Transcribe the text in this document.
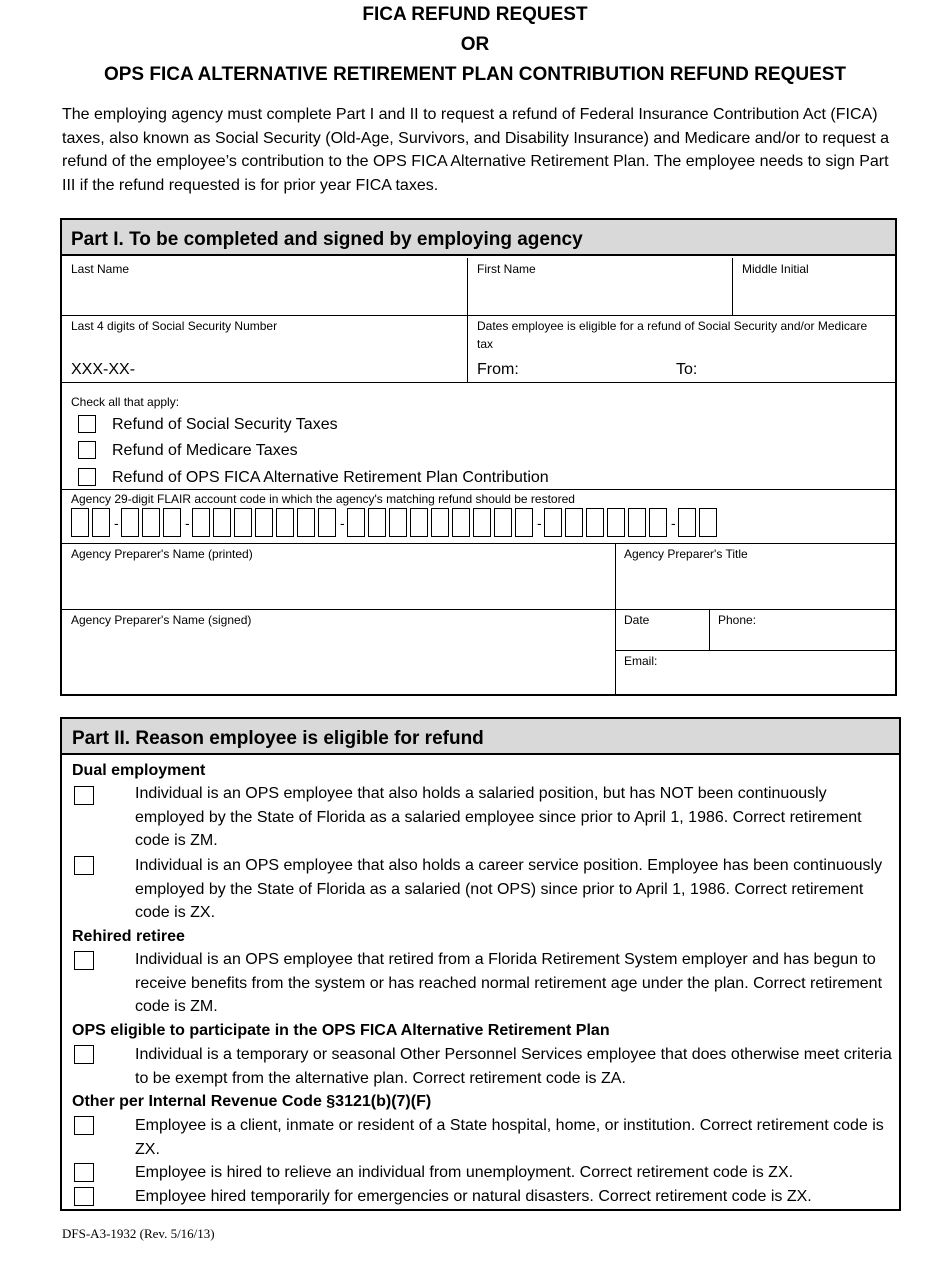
FICA REFUND REQUEST
OR
OPS FICA ALTERNATIVE RETIREMENT PLAN CONTRIBUTION REFUND REQUEST

The employing agency must complete Part I and II to request a refund of Federal Insurance Contribution Act (FICA) taxes, also known as Social Security (Old-Age, Survivors, and Disability Insurance) and Medicare and/or to request a refund of the employee’s contribution to the OPS FICA Alternative Retirement Plan. The employee needs to sign Part III if the refund requested is for prior year FICA taxes.

Part I. To be completed and signed by employing agency
Last Name	First Name	Middle Initial
Last 4 digits of Social Security Number
XXX-XX-
Dates employee is eligible for a refund of Social Security and/or Medicare tax
From:	To:
Check all that apply:
Refund of Social Security Taxes
Refund of Medicare Taxes
Refund of OPS FICA Alternative Retirement Plan Contribution
Agency 29-digit FLAIR account code in which the agency's matching refund should be restored
-	-	-	-	-
Agency Preparer's Name (printed)	Agency Preparer's Title
Agency Preparer's Name (signed)	Date	Phone:
Email:
Part II. Reason employee is eligible for refund
Dual employment

Individual is an OPS employee that also holds a salaried position, but has NOT been continuously employed by the State of Florida as a salaried employee since prior to April 1, 1986. Correct retirement code is ZM.

Individual is an OPS employee that also holds a career service position. Employee has been continuously employed by the State of Florida as a salaried (not OPS) since prior to April 1, 1986. Correct retirement code is ZX.

Rehired retiree

Individual is an OPS employee that retired from a Florida Retirement System employer and has begun to receive benefits from the system or has reached normal retirement age under the plan. Correct retirement code is ZM.

OPS eligible to participate in the OPS FICA Alternative Retirement Plan

Individual is a temporary or seasonal Other Personnel Services employee that does otherwise meet criteria to be exempt from the alternative plan. Correct retirement code is ZA.

Other per Internal Revenue Code §3121(b)(7)(F)

Employee is a client, inmate or resident of a State hospital, home, or institution. Correct retirement code is ZX.

Employee is hired to relieve an individual from unemployment. Correct retirement code is ZX.

Employee hired temporarily for emergencies or natural disasters. Correct retirement code is ZX.

DFS-A3-1932 (Rev. 5/16/13)
